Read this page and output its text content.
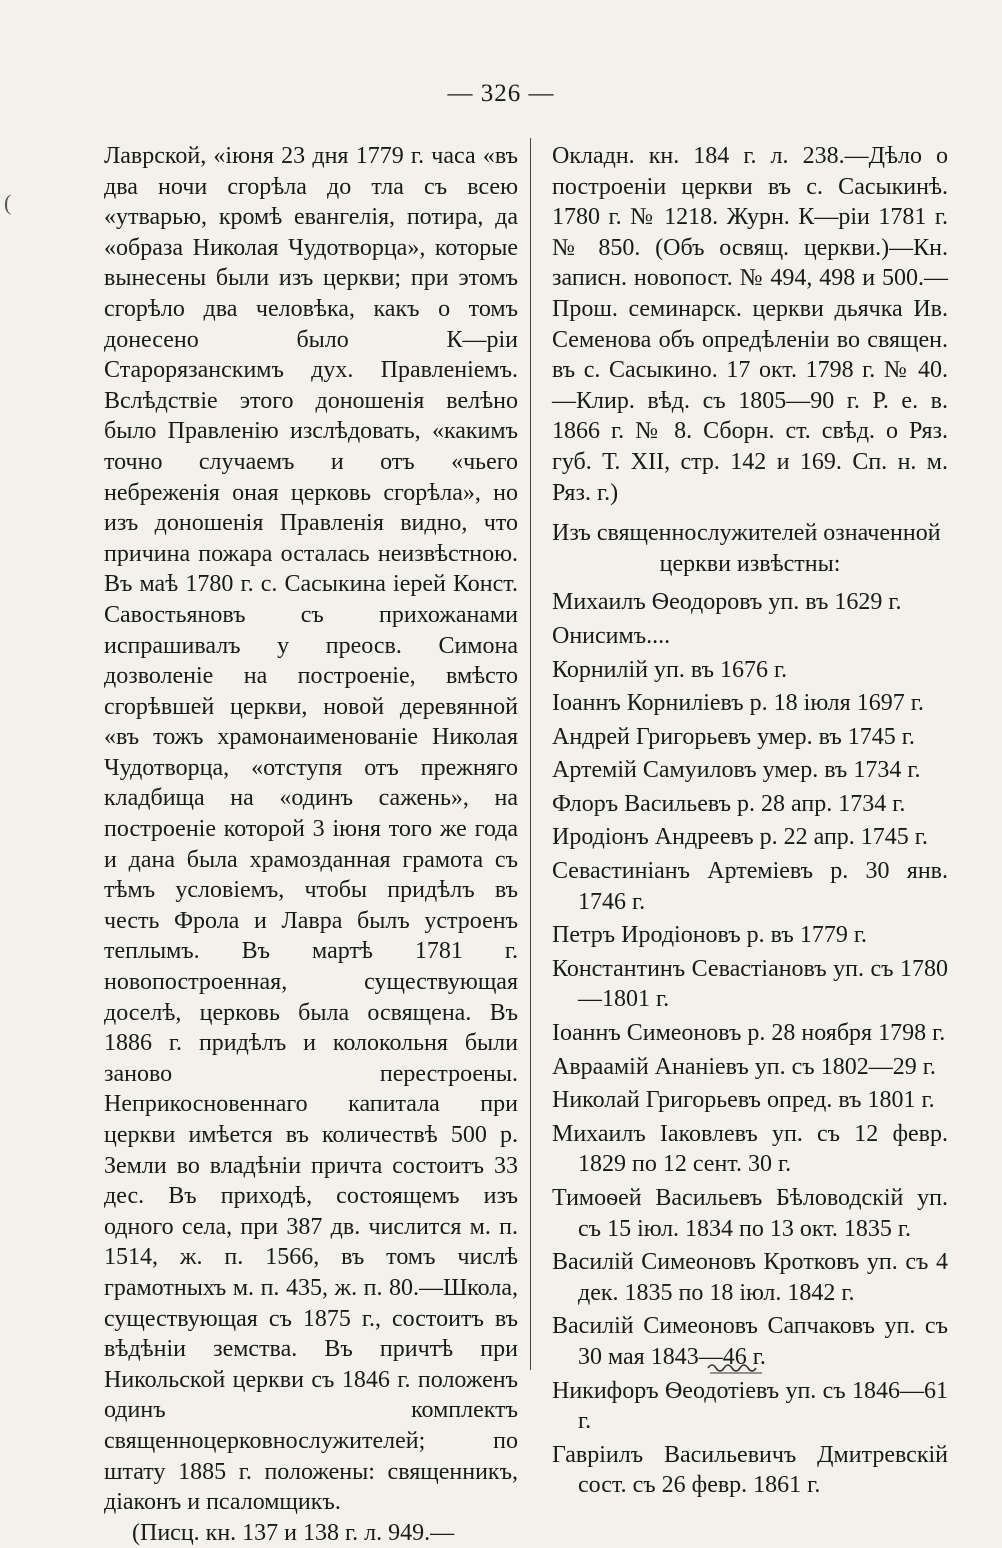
— 326 —
(

Лаврской, «іюня 23 дня 1779 г. часа «въ два ночи сгорѣла до тла съ всею «утварью, кромѣ евангелія, потира, да «образа Николая Чудотворца», которые вынесены были изъ церкви; при этомъ сгорѣло два человѣка, какъ о томъ донесено было К—ріи Старорязанскимъ дух. Правленіемъ. Вслѣдствіе этого доношенія велѣно было Правленію изслѣдовать, «какимъ точно случаемъ и отъ «чьего небреженія оная церковь сгорѣла», но изъ доношенія Правленія видно, что причина пожара осталась неизвѣстною. Въ маѣ 1780 г. с. Сасыкина іерей Конст. Савостьяновъ съ прихожанами испрашивалъ у преосв. Симона дозволеніе на построеніе, вмѣсто сгорѣвшей церкви, новой деревянной «въ тожъ храмонаименованіе Николая Чудотворца, «отступя отъ прежняго кладбища на «одинъ сажень», на построеніе которой 3 іюня того же года и дана была храмозданная грамота съ тѣмъ условіемъ, чтобы придѣлъ въ честь Фрола и Лавра былъ устроенъ теплымъ. Въ мартѣ 1781 г. новопостроенная, существующая доселѣ, церковь была освящена. Въ 1886 г. придѣлъ и колокольня были заново перестроены. Неприкосновеннаго капитала при церкви имѣется въ количествѣ 500 р. Земли во владѣніи причта состоитъ 33 дес. Въ приходѣ, состоящемъ изъ одного села, при 387 дв. числится м. п. 1514, ж. п. 1566, въ томъ числѣ грамотныхъ м. п. 435, ж. п. 80.—Школа, существующая съ 1875 г., состоитъ въ вѣдѣніи земства. Въ причтѣ при Никольской церкви съ 1846 г. положенъ одинъ комплектъ священноцерковнослужителей; по штату 1885 г. положены: священникъ, діаконъ и псаломщикъ.

(Писц. кн. 137 и 138 г. л. 949.—

Окладн. кн. 184 г. л. 238.—Дѣло о построеніи церкви въ с. Сасыкинѣ. 1780 г. № 1218. Журн. К—ріи 1781 г. № 850. (Объ освящ. церкви.)—Кн. записн. новопост. № 494, 498 и 500.—Прош. семинарск. церкви дьячка Ив. Семенова объ опредѣленіи во священ. въ с. Сасыкино. 17 окт. 1798 г. № 40.—Клир. вѣд. съ 1805—90 г. Р. е. в. 1866 г. № 8. Сборн. ст. свѣд. о Ряз. губ. Т. XII, стр. 142 и 169. Сп. н. м. Ряз. г.)

Изъ священнослужителей означенной

церкви извѣстны:

Михаилъ Ѳеодоровъ уп. въ 1629 г.
Онисимъ....
Корнилій уп. въ 1676 г.
Іоаннъ Корниліевъ р. 18 іюля 1697 г.
Андрей Григорьевъ умер. въ 1745 г.
Артемій Самуиловъ умер. въ 1734 г.
Флоръ Васильевъ р. 28 апр. 1734 г.
Иродіонъ Андреевъ р. 22 апр. 1745 г.
Севастиніанъ Артеміевъ р. 30 янв. 1746 г.
Петръ Иродіоновъ р. въ 1779 г.
Константинъ Севастіановъ уп. съ 1780—1801 г.
Іоаннъ Симеоновъ р. 28 ноября 1798 г.
Авраамій Ананіевъ уп. съ 1802—29 г.
Николай Григорьевъ опред. въ 1801 г.
Михаилъ Іаковлевъ уп. съ 12 февр. 1829 по 12 сент. 30 г.
Тимоѳей Васильевъ Бѣловодскій уп. съ 15 іюл. 1834 по 13 окт. 1835 г.
Василій Симеоновъ Кротковъ уп. съ 4 дек. 1835 по 18 іюл. 1842 г.
Василій Симеоновъ Сапчаковъ уп. съ 30 мая 1843—46 г.
Никифоръ Ѳеодотіевъ уп. съ 1846—61 г.
Гавріилъ Васильевичъ Дмитревскій сост. съ 26 февр. 1861 г.
